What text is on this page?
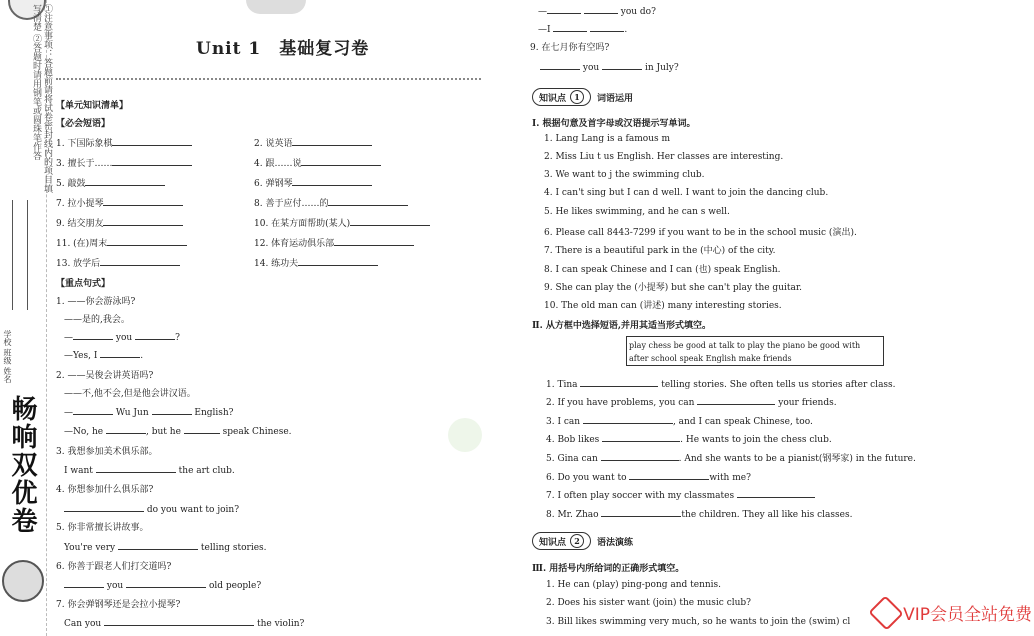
①注意事项：答题前请将试卷密封线内的项目填写清楚 ②答题时请用钢笔或圆珠笔作答
学校 班级 姓名
畅响双优卷
Unit 1　基础复习卷
【单元知识清单】
【必会短语】
1. 下国际象棋	2. 说英语
3. 擅长于……	4. 跟……说
5. 敲鼓	6. 弹钢琴
7. 拉小提琴	8. 善于应付……的
9. 结交朋友	10. 在某方面帮助(某人)
11. (在)周末	12. 体育运动俱乐部
13. 放学后	14. 练功夫
【重点句式】
1. ——你会游泳吗?
——是的,我会。
—	you	?
—Yes, I	.
2. ——吴俊会讲英语吗?
——不,他不会,但是他会讲汉语。
—	Wu Jun	English?
—No, he	, but he	speak Chinese.
3. 我想参加美术俱乐部。
I want	the art club.
4. 你想参加什么俱乐部?
do you want to join?
5. 你非常擅长讲故事。
You're very	telling stories.
6. 你善于跟老人们打交道吗?
you	old people?
7. 你会弹钢琴还是会拉小提琴?
Can you	the violin?
—	you do?
—I	.
9. 在七月你有空吗?
you	in July?
知识点	1	词语运用
Ⅰ. 根据句意及首字母或汉语提示写单词。
1. Lang Lang is a famous m
2. Miss Liu t us English. Her classes are interesting.
3. We want to j the swimming club.
4. I can't sing but I can d well. I want to join the dancing club.
5. He likes swimming, and he can s well.
6. Please call 8443-7299 if you want to be in the school music (演出).
7. There is a beautiful park in the (中心) of the city.
8. I can speak Chinese and I can (也) speak English.
9. She can play the (小提琴) but she can't play the guitar.
10. The old man can (讲述) many interesting stories.
Ⅱ. 从方框中选择短语,并用其适当形式填空。
play chess be good at talk to play the piano be good with
after school speak English make friends
1. Tina	telling stories. She often tells us stories after class.
2. If you have problems, you can	your friends.
3. I can	, and I can speak Chinese, too.
4. Bob likes	. He wants to join the chess club.
5. Gina can	. And she wants to be a pianist(钢琴家) in the future.
6. Do you want to	with me?
7. I often play soccer with my classmates
8. Mr. Zhao	the children. They all like his classes.
知识点	2	语法演练
Ⅲ. 用括号内所给词的正确形式填空。
1. He can (play) ping-pong and tennis.
2. Does his sister want (join) the music club?
3. Bill likes swimming very much, so he wants to join the (swim) cl	VIP会员全站免费
